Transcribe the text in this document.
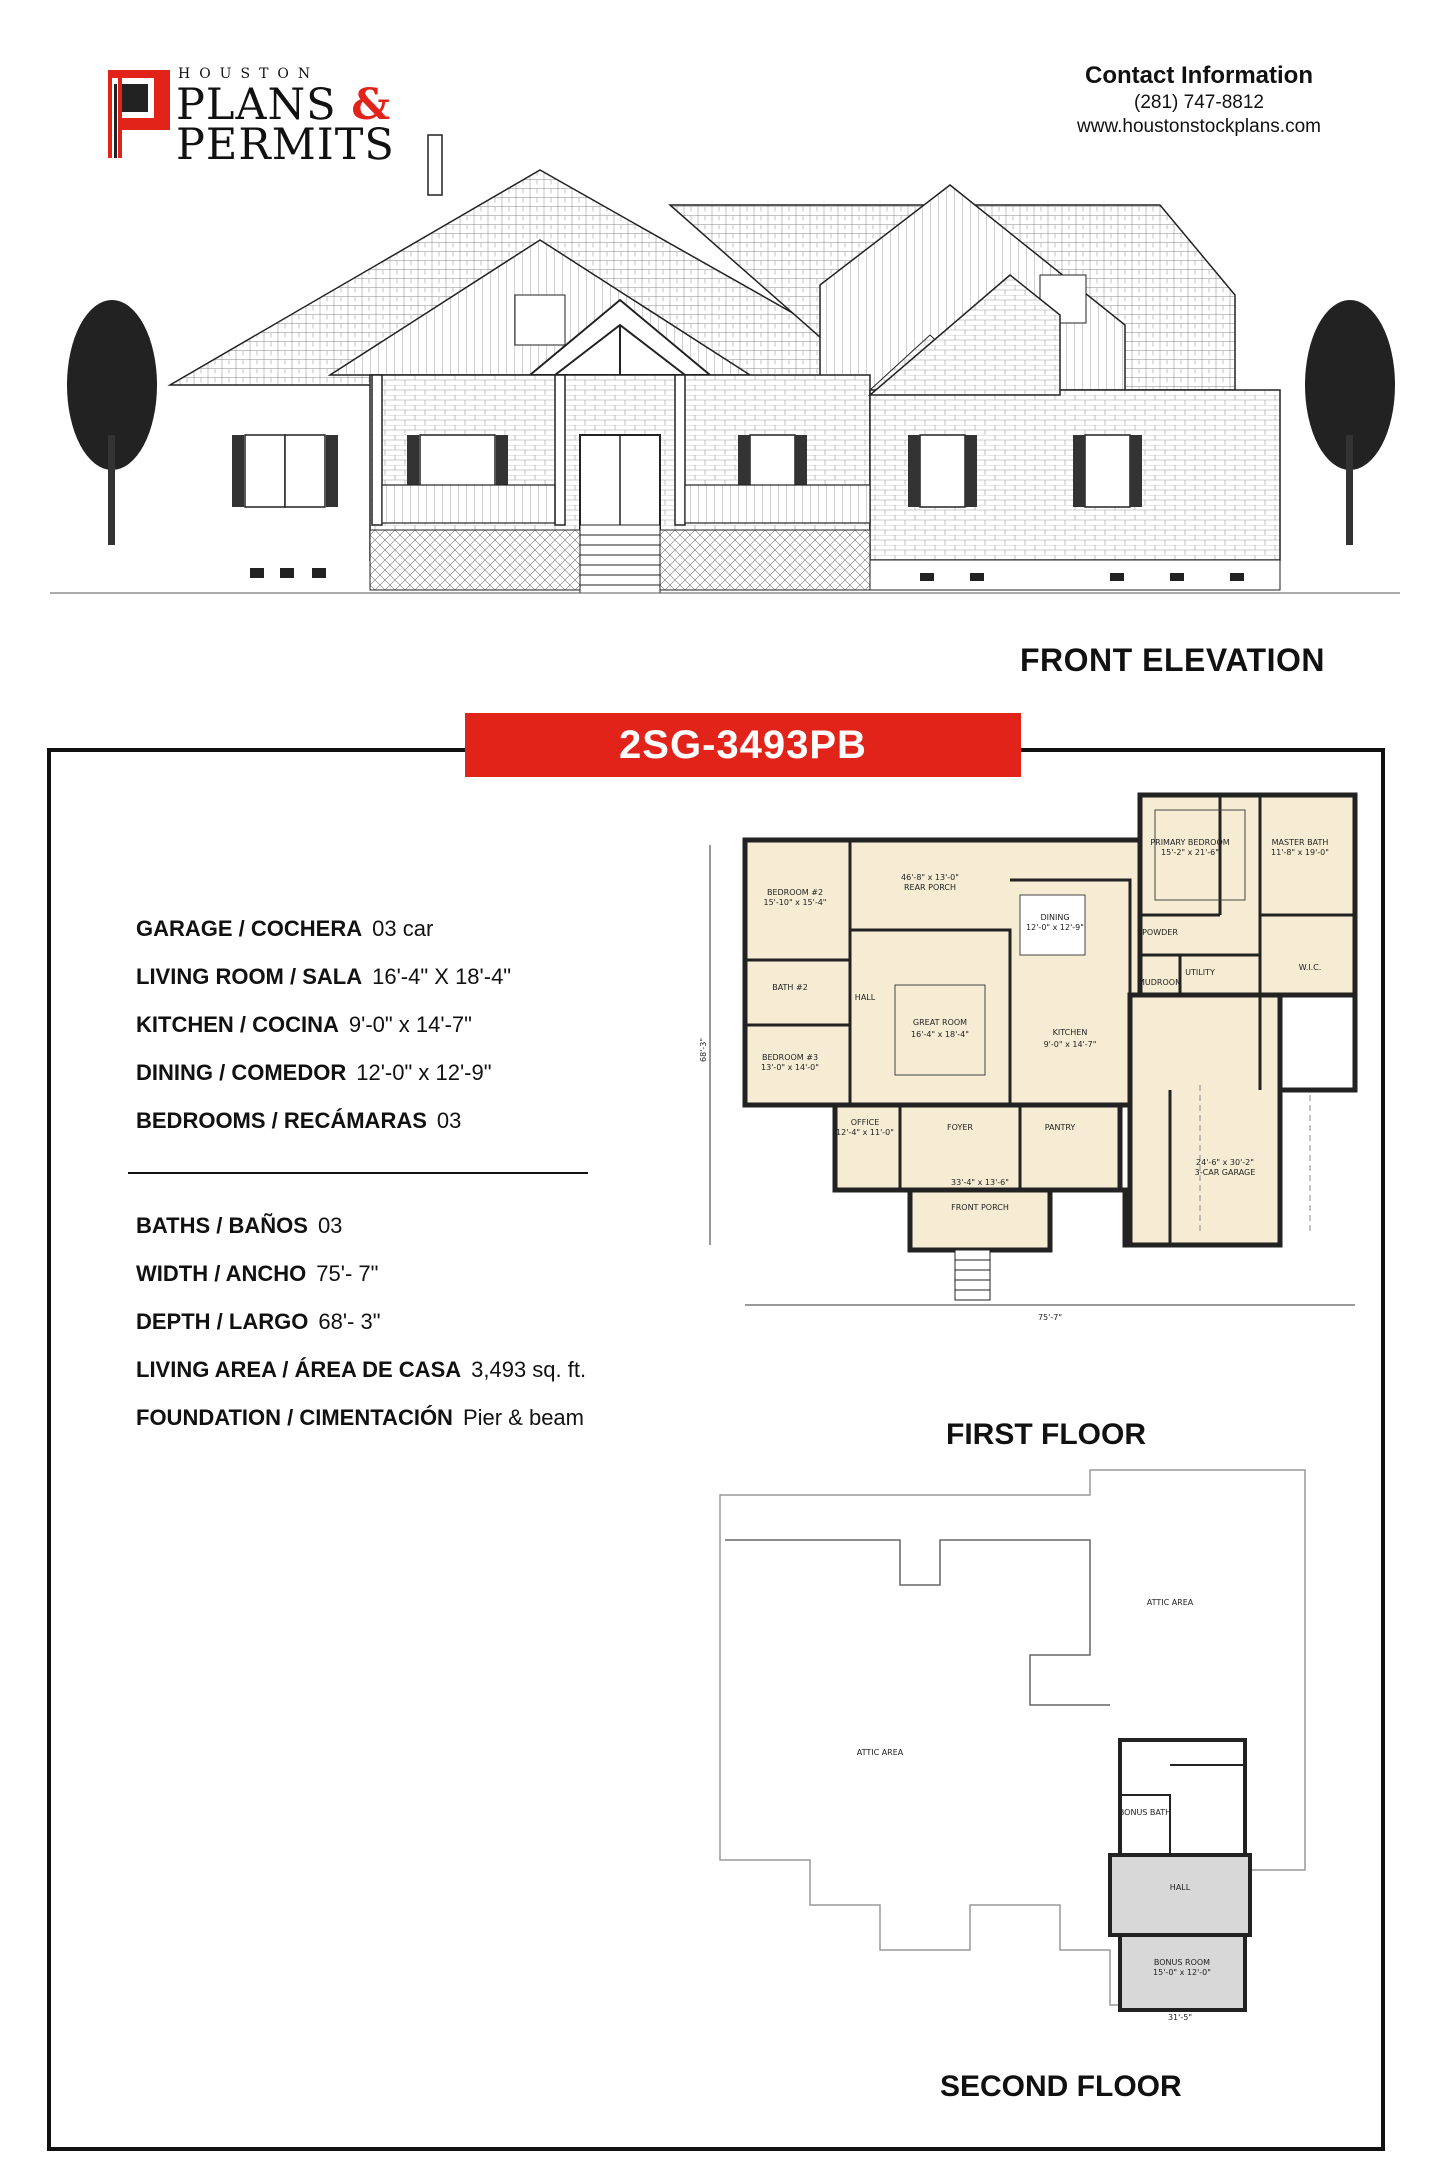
HOUSTON
PLANS &
PERMITS
Contact Information
(281) 747-8812
www.houstonstockplans.com
FRONT ELEVATION
2SG-3493PB
GARAGE / COCHERA 03 car
LIVING ROOM / SALA 16'-4" X 18'-4"
KITCHEN / COCINA 9'-0" x 14'-7"
DINING / COMEDOR 12'-0" x 12'-9"
BEDROOMS / RECÁMARAS 03
BATHS / BAÑOS 03
WIDTH / ANCHO 75'- 7"
DEPTH / LARGO 68'- 3"
LIVING AREA / ÁREA DE CASA 3,493 sq. ft.
FOUNDATION / CIMENTACIÓN Pier & beam
PRIMARY BEDROOM
15'-2" x 21'-6"
MASTER BATH
11'-8" x 19'-0"
BEDROOM #2
15'-10" x 15'-4"
46'-8" x 13'-0"
REAR PORCH
DINING
12'-0" x 12'-9"
POWDER
UTILITY
W.I.C.
MUDROOM
BATH #2
HALL
GREAT ROOM
16'-4" x 18'-4"	KITCHEN
9'-0" x 14'-7"
BEDROOM #3
13'-0" x 14'-0"
OFFICE
12'-4" x 11'-0"
FOYER	PANTRY
33'-4" x 13'-6"
FRONT PORCH
24'-6" x 30'-2"
3-CAR GARAGE
75'-7"
68'-3"
FIRST FLOOR
ATTIC AREA
ATTIC AREA
BONUS BATH
HALL
BONUS ROOM
15'-0" x 12'-0"
31'-5"
SECOND FLOOR
